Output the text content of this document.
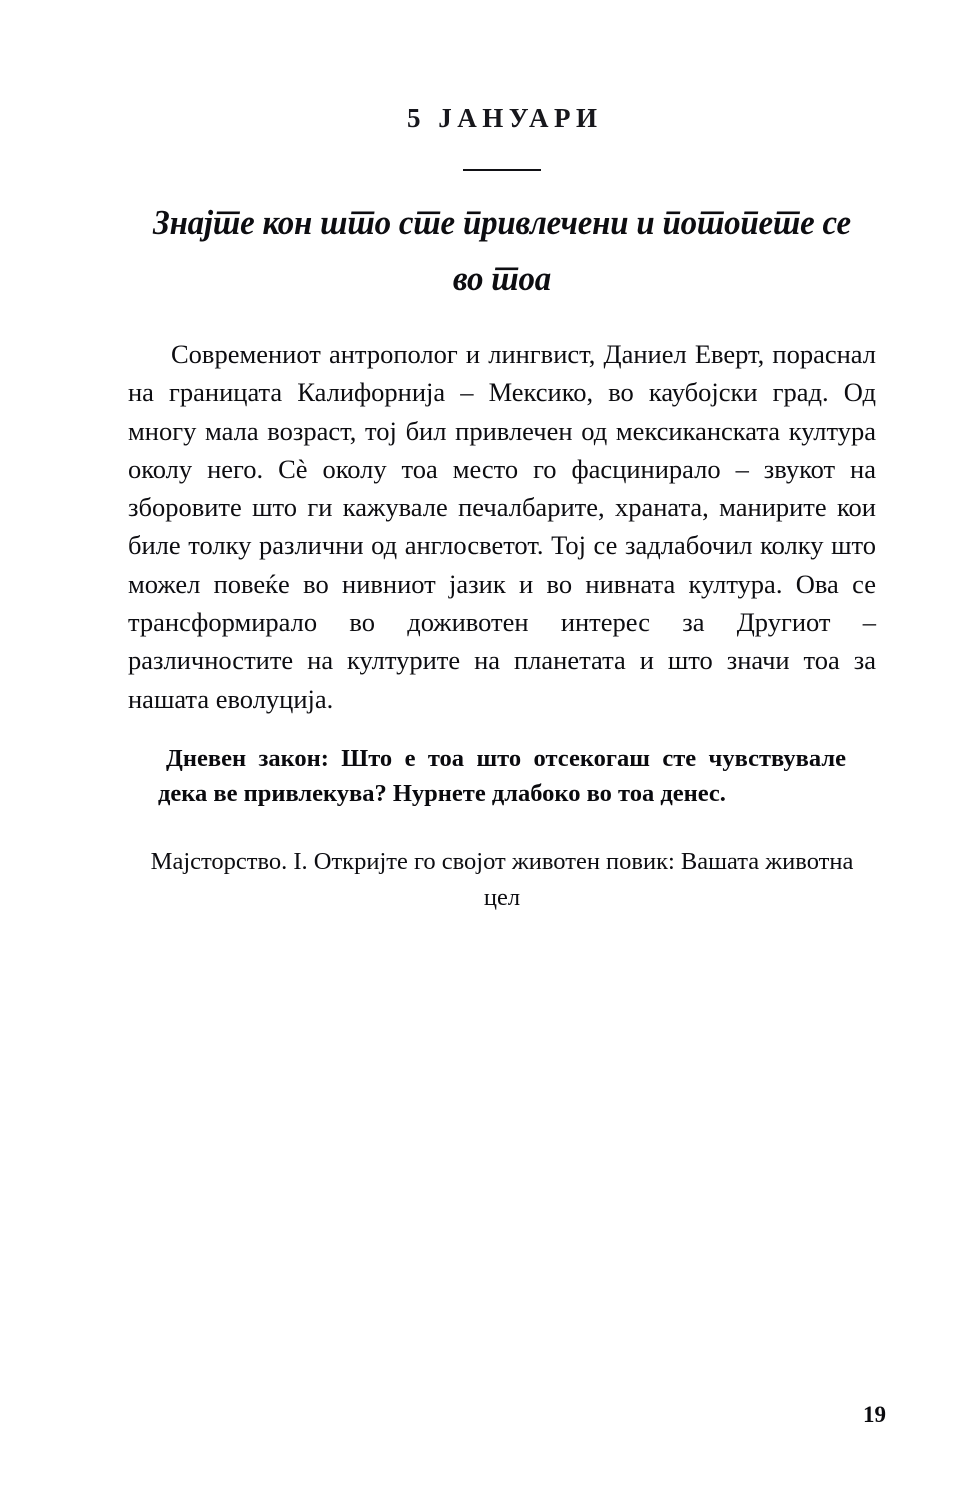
5 ЈАНУАРИ
Знајте кон што сте привлечени и потопете се во тоа
Современиот антрополог и лингвист, Даниел Еверт, пораснал на границата Калифорнија – Мексико, во каубојски град. Од многу мала возраст, тој бил привлечен од мексиканската култура околу него. Сѐ околу тоа место го фасцинирало – звукот на зборовите што ги кажувале печалбарите, храната, манирите кои биле толку различни од англосветот. Тој се задлабочил колку што можел повеќе во нивниот јазик и во нивната култура. Ова се трансформирало во доживотен интерес за Другиот – различностите на културите на планетата и што значи тоа за нашата еволуција.
Дневен закон: Што е тоа што отсекогаш сте чувствувале дека ве привлекува? Нурнете длабоко во тоа денес.
Мајсторство. I. Откријте го својот животен повик: Вашата животна цел
19
